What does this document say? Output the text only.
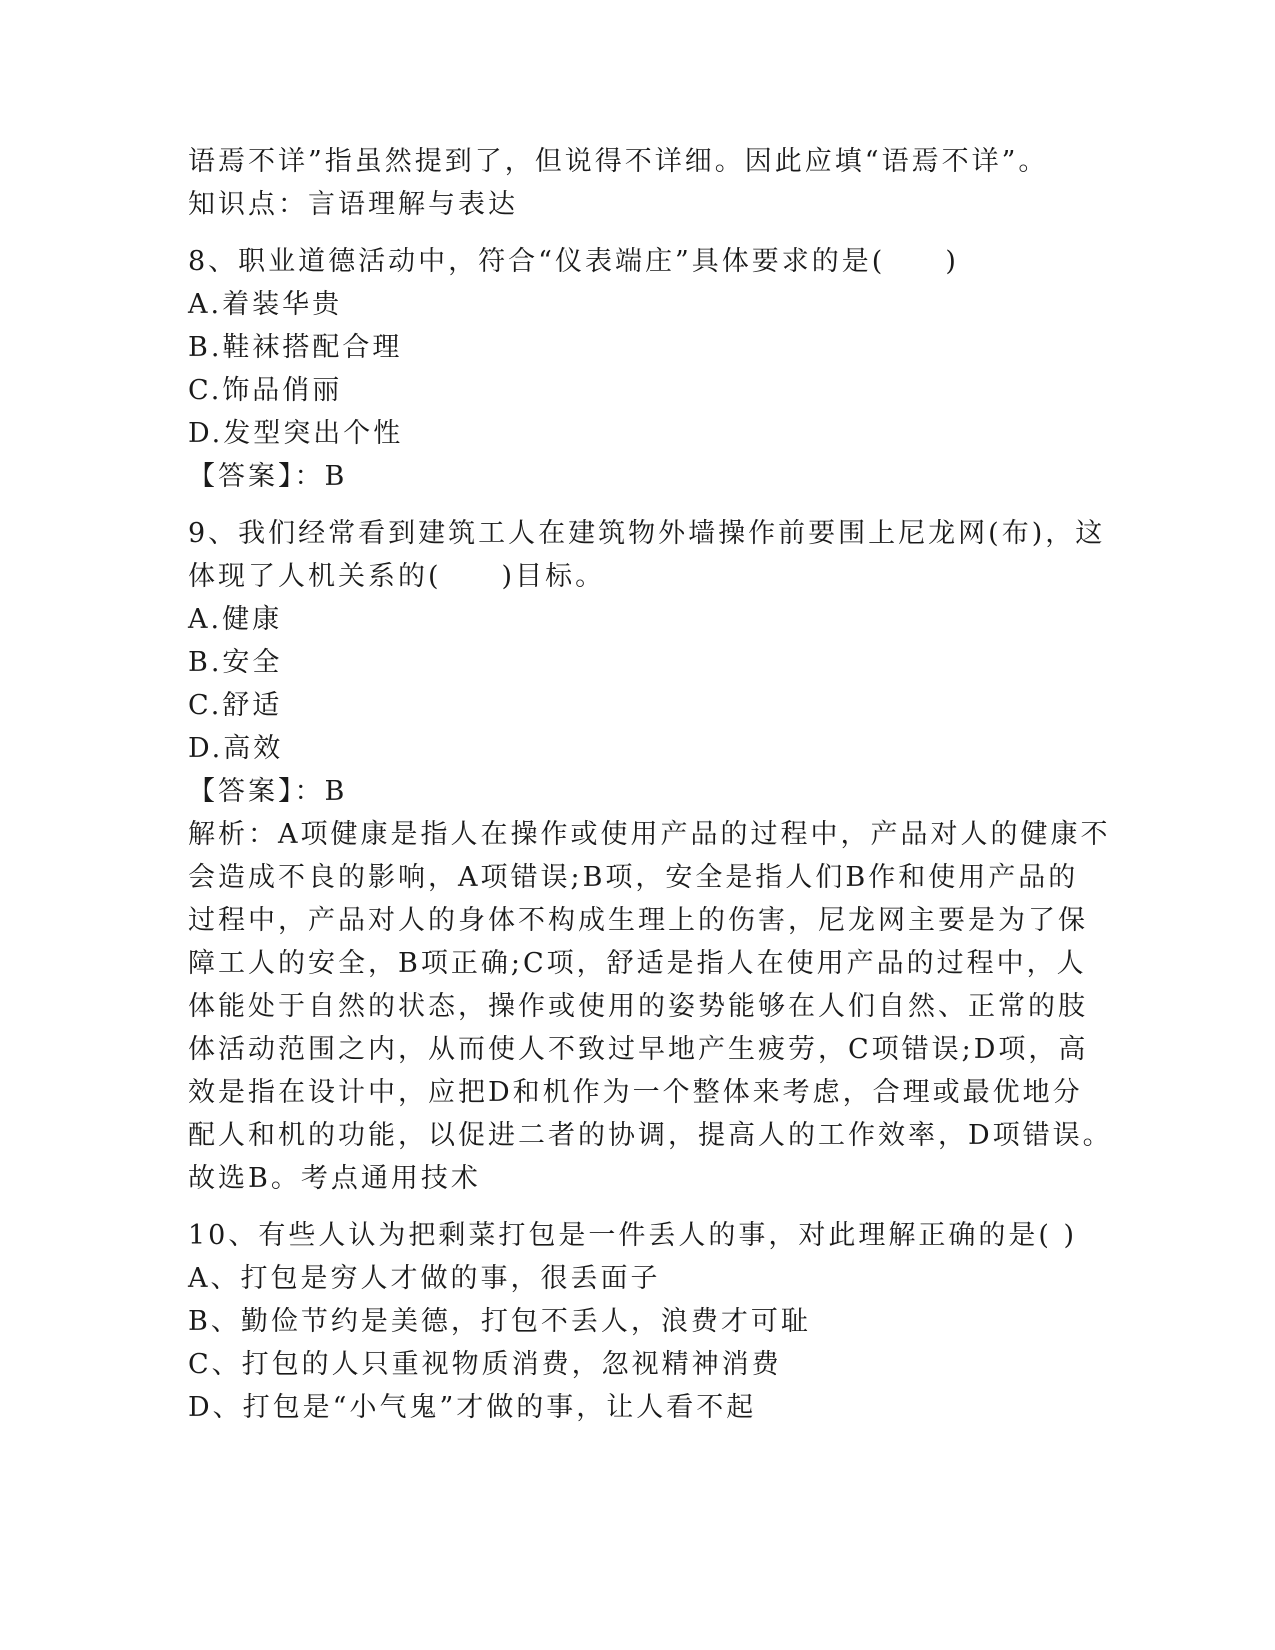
语焉不详”指虽然提到了，但说得不详细。因此应填“语焉不详”。
知识点：言语理解与表达
8、职业道德活动中，符合“仪表端庄”具体要求的是(　　)
A.着装华贵
B.鞋袜搭配合理
C.饰品俏丽
D.发型突出个性
【答案】：B
9、我们经常看到建筑工人在建筑物外墙操作前要围上尼龙网(布)，这
体现了人机关系的(　　)目标。
A.健康
B.安全
C.舒适
D.高效
【答案】：B
解析：A项健康是指人在操作或使用产品的过程中，产品对人的健康不
会造成不良的影响，A项错误;B项，安全是指人们B作和使用产品的
过程中，产品对人的身体不构成生理上的伤害，尼龙网主要是为了保
障工人的安全，B项正确;C项，舒适是指人在使用产品的过程中，人
体能处于自然的状态，操作或使用的姿势能够在人们自然、正常的肢
体活动范围之内，从而使人不致过早地产生疲劳，C项错误;D项，高
效是指在设计中，应把D和机作为一个整体来考虑，合理或最优地分
配人和机的功能，以促进二者的协调，提高人的工作效率，D项错误。
故选B。考点通用技术
10、有些人认为把剩菜打包是一件丢人的事，对此理解正确的是( )
A、打包是穷人才做的事，很丢面子
B、勤俭节约是美德，打包不丢人，浪费才可耻
C、打包的人只重视物质消费，忽视精神消费
D、打包是“小气鬼”才做的事，让人看不起
